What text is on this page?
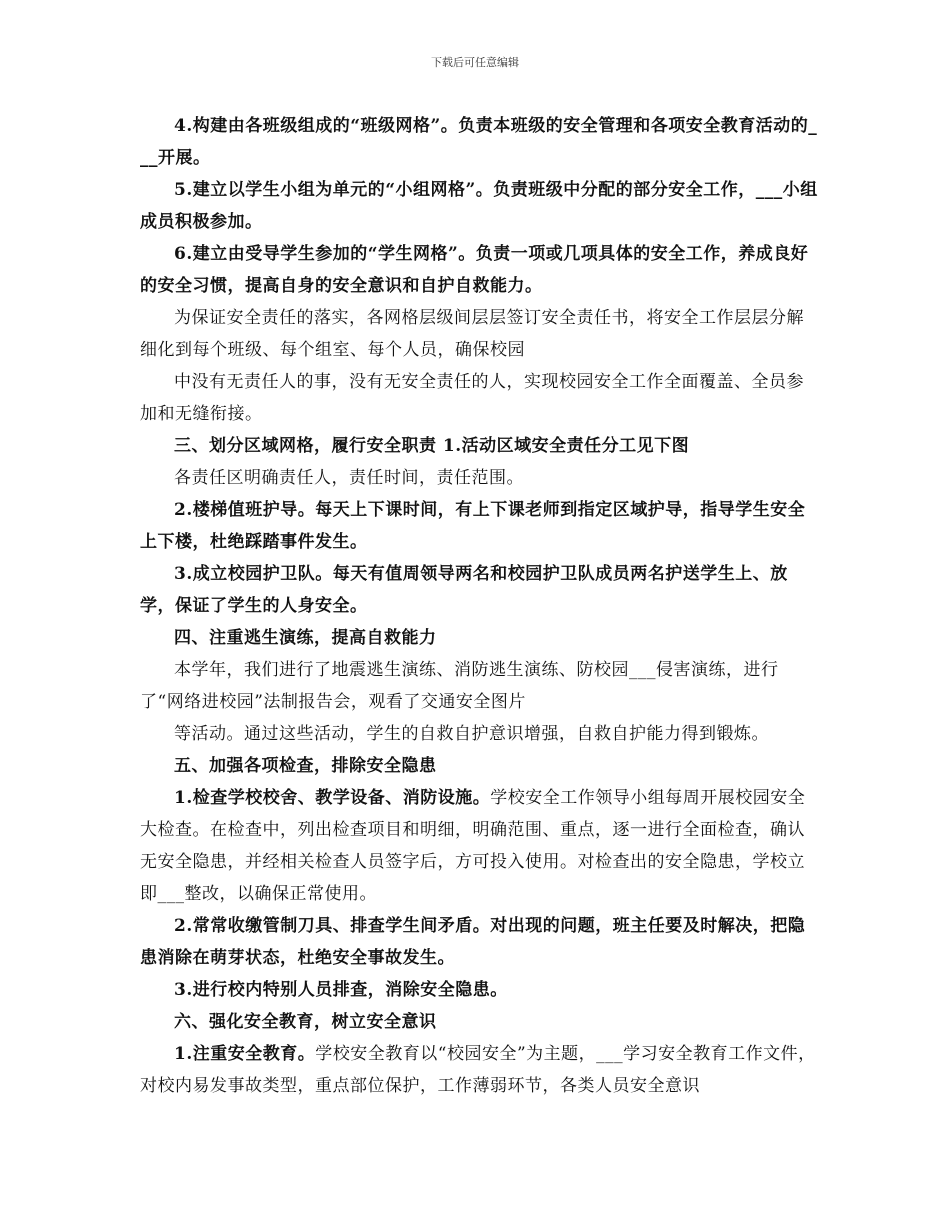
下载后可任意编辑

4.构建由各班级组成的“班级网格”。负责本班级的安全管理和各项安全教育活动的___开展。

5.建立以学生小组为单元的“小组网格”。负责班级中分配的部分安全工作，___小组成员积极参加。

6.建立由受导学生参加的“学生网格”。负责一项或几项具体的安全工作，养成良好的安全习惯，提高自身的安全意识和自护自救能力。

为保证安全责任的落实，各网格层级间层层签订安全责任书，将安全工作层层分解细化到每个班级、每个组室、每个人员，确保校园

中没有无责任人的事，没有无安全责任的人，实现校园安全工作全面覆盖、全员参加和无缝衔接。

三、划分区域网格，履行安全职责 1.活动区域安全责任分工见下图

各责任区明确责任人，责任时间，责任范围。

2.楼梯值班护导。每天上下课时间，有上下课老师到指定区域护导，指导学生安全上下楼，杜绝踩踏事件发生。

3.成立校园护卫队。每天有值周领导两名和校园护卫队成员两名护送学生上、放学，保证了学生的人身安全。

四、注重逃生演练，提高自救能力

本学年，我们进行了地震逃生演练、消防逃生演练、防校园___侵害演练，进行了“网络进校园”法制报告会，观看了交通安全图片

等活动。通过这些活动，学生的自救自护意识增强，自救自护能力得到锻炼。

五、加强各项检查，排除安全隐患

1.检查学校校舍、教学设备、消防设施。学校安全工作领导小组每周开展校园安全大检查。在检查中，列出检查项目和明细，明确范围、重点，逐一进行全面检查，确认无安全隐患，并经相关检查人员签字后，方可投入使用。对检查出的安全隐患，学校立即___整改，以确保正常使用。

2.常常收缴管制刀具、排查学生间矛盾。对出现的问题，班主任要及时解决，把隐患消除在萌芽状态，杜绝安全事故发生。

3.进行校内特别人员排查，消除安全隐患。

六、强化安全教育，树立安全意识

1.注重安全教育。学校安全教育以“校园安全”为主题，___学习安全教育工作文件，对校内易发事故类型，重点部位保护，工作薄弱环节，各类人员安全意识
